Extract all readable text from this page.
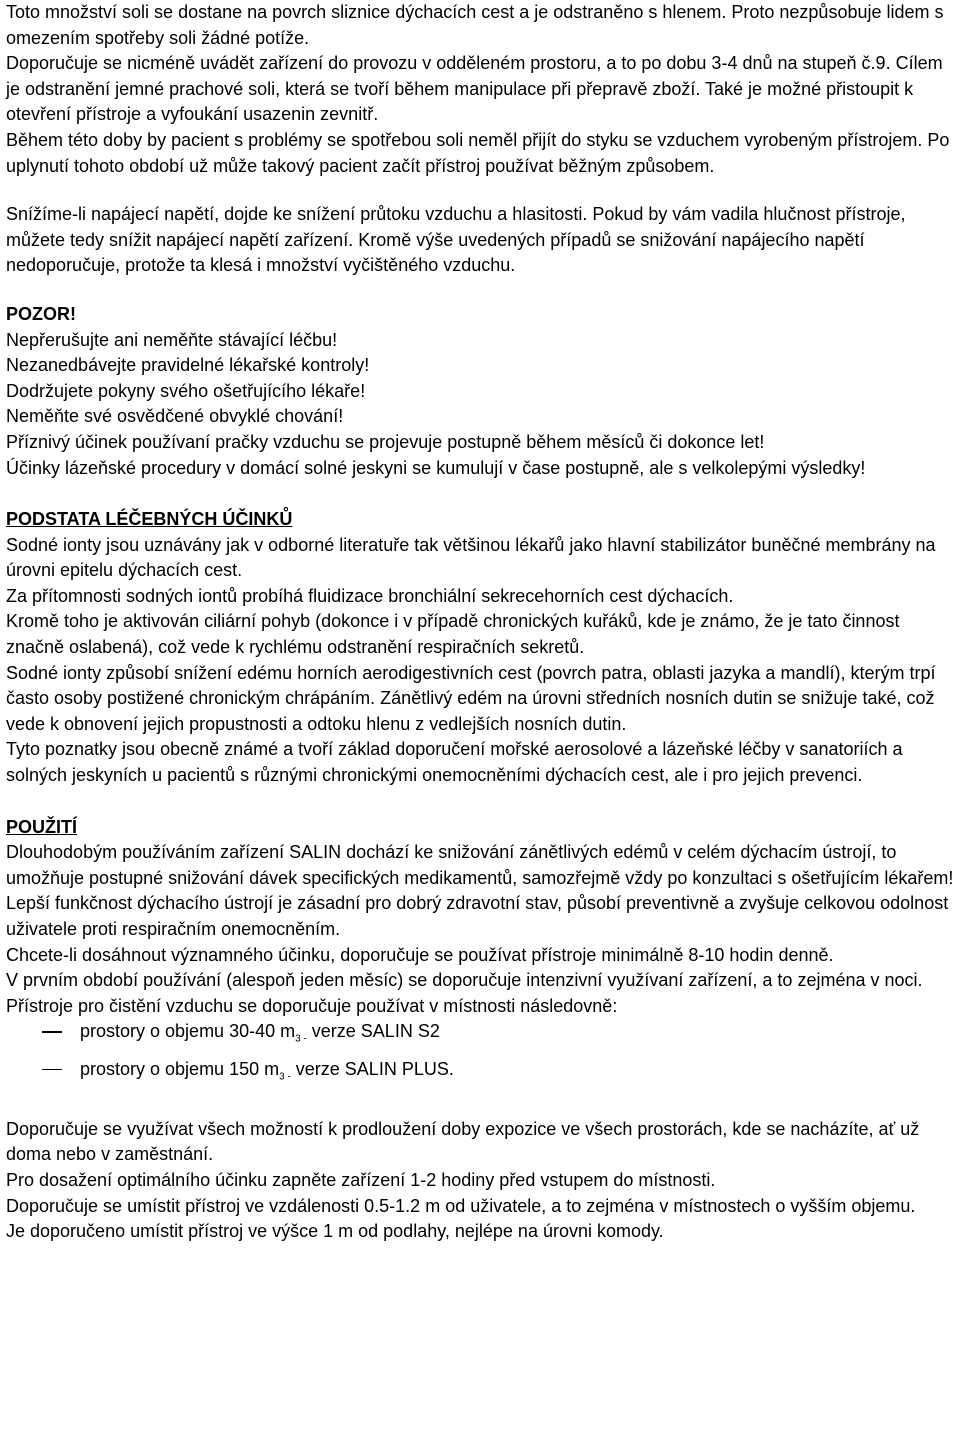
Toto množství soli se dostane na povrch sliznice dýchacích cest a je odstraněno s hlenem. Proto nezpůsobuje lidem s omezením spotřeby soli žádné potíže.

Doporučuje se nicméně uvádět zařízení do provozu v odděleném prostoru, a to po dobu 3-4 dnů na stupeň č.9. Cílem je odstranění jemné prachové soli, která se tvoří během manipulace při přepravě zboží. Také je možné přistoupit k otevření přístroje a vyfoukání usazenin zevnitř.

Během této doby by pacient s problémy se spotřebou soli neměl přijít do styku se vzduchem vyrobeným přístrojem. Po uplynutí tohoto období už může takový pacient začít přístroj používat běžným způsobem.

Snížíme-li napájecí napětí, dojde ke snížení průtoku vzduchu a hlasitosti. Pokud by vám vadila hlučnost přístroje, můžete tedy snížit napájecí napětí zařízení. Kromě výše uvedených případů se snižování napájecího napětí nedoporučuje, protože ta klesá i množství vyčištěného vzduchu.

POZOR!

Nepřerušujte ani neměňte stávající léčbu!

Nezanedbávejte pravidelné lékařské kontroly!

Dodržujete pokyny svého ošetřujícího lékaře!

Neměňte své osvědčené obvyklé chování!

Příznivý účinek používaní pračky vzduchu se projevuje postupně během měsíců či dokonce let!

Účinky lázeňské procedury v domácí solné jeskyni se kumulují v čase postupně, ale s velkolepými výsledky!

PODSTATA LÉČEBNÝCH ÚČINKŮ

Sodné ionty jsou uznávány jak v odborné literatuře tak většinou lékařů jako hlavní stabilizátor buněčné membrány na úrovni epitelu dýchacích cest.

Za přítomnosti sodných iontů probíhá fluidizace bronchiální sekrecehorních cest dýchacích.

Kromě toho je aktivován ciliární pohyb (dokonce i v případě chronických kuřáků, kde je známo, že je tato činnost značně oslabená), což vede k rychlému odstranění respiračních sekretů.

Sodné ionty způsobí snížení edému horních aerodigestivních cest (povrch patra, oblasti jazyka a mandlí), kterým trpí často osoby postižené chronickým chrápáním. Zánětlivý edém na úrovni středních nosních dutin se snižuje také, což vede k obnovení jejich propustnosti a odtoku hlenu z vedlejších nosních dutin.

Tyto poznatky jsou obecně známé a tvoří základ doporučení mořské aerosolové a lázeňské léčby v sanatoriích a solných jeskyních u pacientů s různými chronickými onemocněními dýchacích cest, ale i pro jejich prevenci.

POUŽITÍ

Dlouhodobým používáním zařízení SALIN dochází ke snižování zánětlivých edémů v celém dýchacím ústrojí, to umožňuje postupné snižování dávek specifických medikamentů, samozřejmě vždy po konzultaci s ošetřujícím lékařem!

Lepší funkčnost dýchacího ústrojí je zásadní pro dobrý zdravotní stav, působí preventivně a zvyšuje celkovou odolnost uživatele proti respiračním onemocněním.

Chcete-li dosáhnout významného účinku, doporučuje se používat přístroje minimálně 8-10 hodin denně.

V prvním období používání (alespoň jeden měsíc) se doporučuje intenzivní využívaní zařízení, a to zejména v noci.

Přístroje pro čistění vzduchu se doporučuje používat v místnosti následovně:

prostory o objemu 30-40 $m_{3 -}$ verze SALIN S2
prostory o objemu 150 $m_{3 -}$ verze SALIN PLUS.

Doporučuje se využívat všech možností k prodloužení doby expozice ve všech prostorách, kde se nacházíte, ať už doma nebo v zaměstnání.

Pro dosažení optimálního účinku zapněte zařízení 1-2 hodiny před vstupem do místnosti.

Doporučuje se umístit přístroj ve vzdálenosti 0.5-1.2 m od uživatele, a to zejména v místnostech o vyšším objemu.

Je doporučeno umístit přístroj ve výšce 1 m od podlahy, nejlépe na úrovni komody.
